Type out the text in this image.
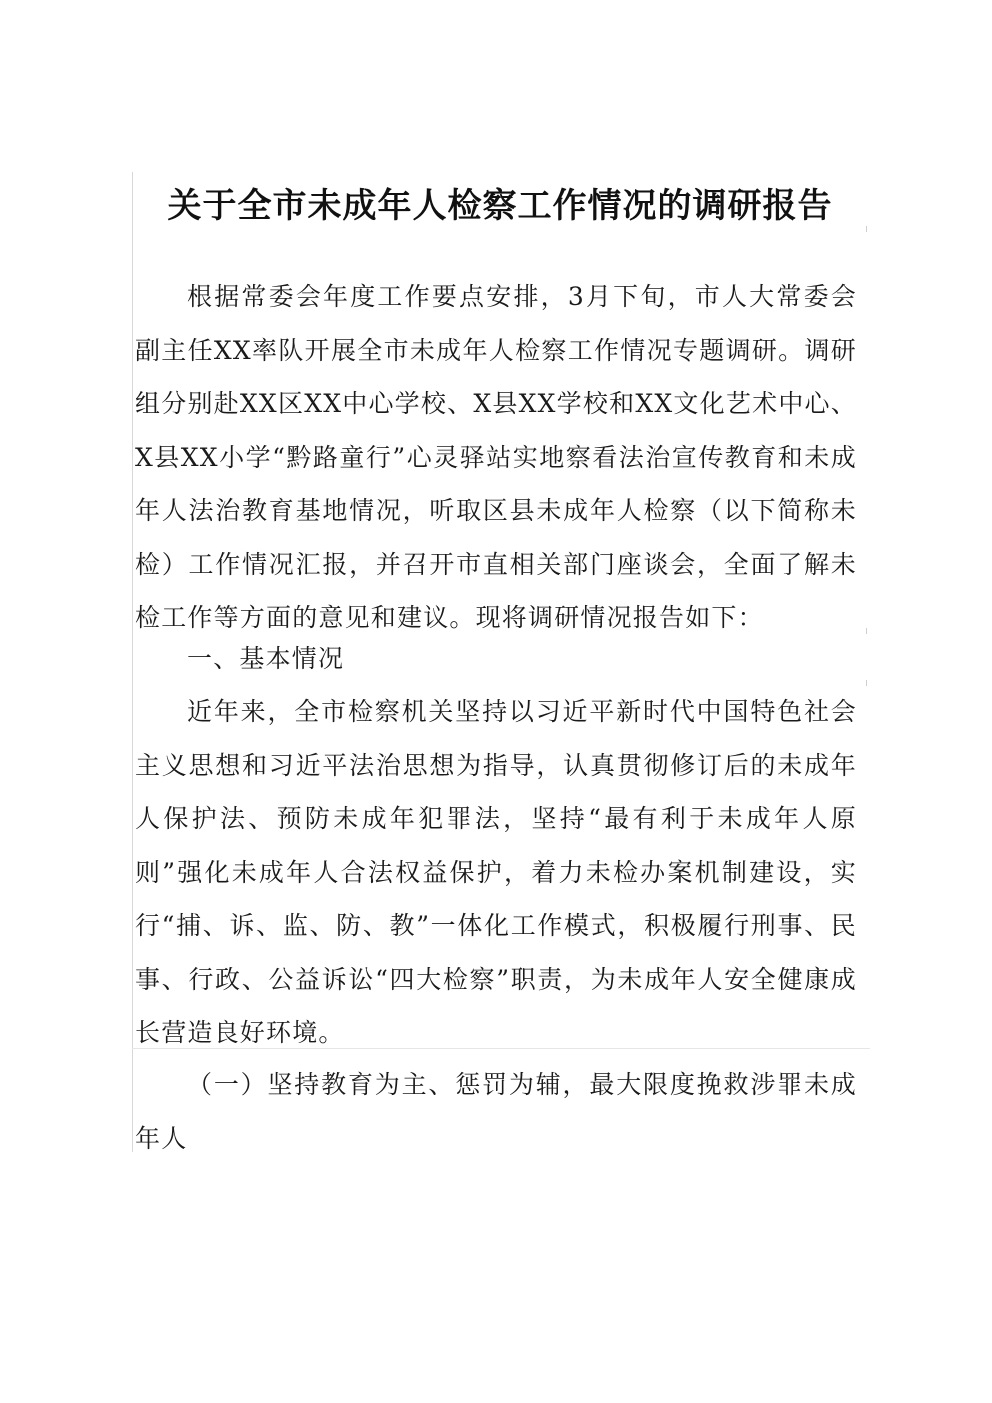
关于全市未成年人检察工作情况的调研报告
根据常委会年度工作要点安排，3月下旬，市人大常委会副主任XX率队开展全市未成年人检察工作情况专题调研。调研组分别赴XX区XX中心学校、X县XX学校和XX文化艺术中心、X县XX小学“黔路童行”心灵驿站实地察看法治宣传教育和未成年人法治教育基地情况，听取区县未成年人检察（以下简称未检）工作情况汇报，并召开市直相关部门座谈会，全面了解未检工作等方面的意见和建议。现将调研情况报告如下：
一、基本情况
近年来，全市检察机关坚持以习近平新时代中国特色社会主义思想和习近平法治思想为指导，认真贯彻修订后的未成年人保护法、预防未成年犯罪法，坚持“最有利于未成年人原则”强化未成年人合法权益保护，着力未检办案机制建设，实行“捕、诉、监、防、教”一体化工作模式，积极履行刑事、民事、行政、公益诉讼“四大检察”职责，为未成年人安全健康成长营造良好环境。
（一）坚持教育为主、惩罚为辅，最大限度挽救涉罪未成年人
